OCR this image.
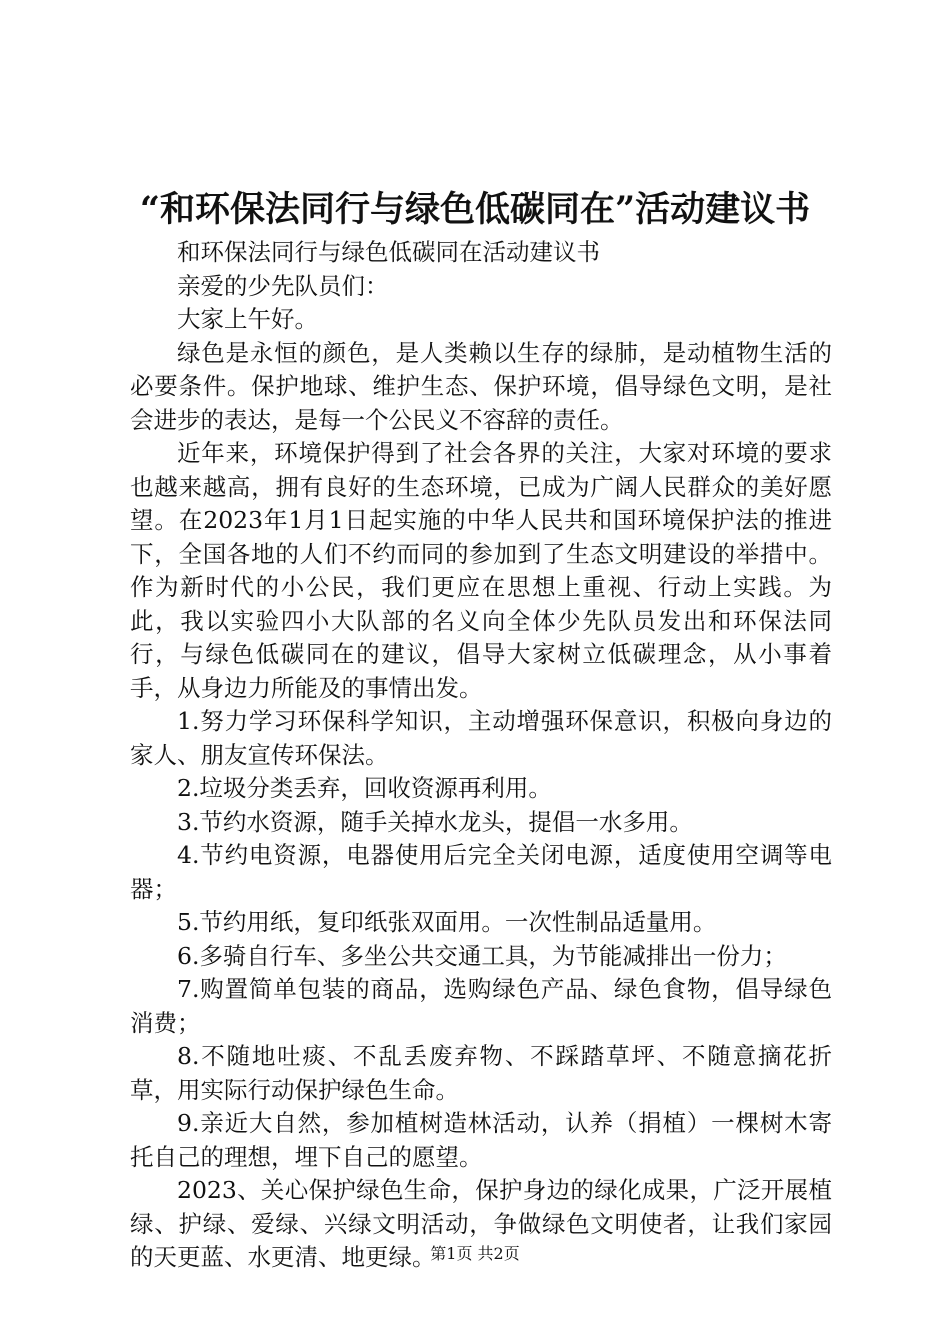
“和环保法同行与绿色低碳同在”活动建议书

和环保法同行与绿色低碳同在活动建议书

亲爱的少先队员们：

大家上午好。

绿色是永恒的颜色，是人类赖以生存的绿肺，是动植物生活的必要条件。保护地球、维护生态、保护环境，倡导绿色文明，是社会进步的表达，是每一个公民义不容辞的责任。

近年来，环境保护得到了社会各界的关注，大家对环境的要求也越来越高，拥有良好的生态环境，已成为广阔人民群众的美好愿望。在2023年1月1日起实施的中华人民共和国环境保护法的推进下，全国各地的人们不约而同的参加到了生态文明建设的举措中。作为新时代的小公民，我们更应在思想上重视、行动上实践。为此，我以实验四小大队部的名义向全体少先队员发出和环保法同行，与绿色低碳同在的建议，倡导大家树立低碳理念，从小事着手，从身边力所能及的事情出发。

1.努力学习环保科学知识，主动增强环保意识，积极向身边的家人、朋友宣传环保法。

2.垃圾分类丢弃，回收资源再利用。

3.节约水资源，随手关掉水龙头，提倡一水多用。

4.节约电资源，电器使用后完全关闭电源，适度使用空调等电器；

5.节约用纸，复印纸张双面用。一次性制品适量用。

6.多骑自行车、多坐公共交通工具，为节能减排出一份力；

7.购置简单包装的商品，选购绿色产品、绿色食物，倡导绿色消费；

8.不随地吐痰、不乱丢废弃物、不踩踏草坪、不随意摘花折草，用实际行动保护绿色生命。

9.亲近大自然，参加植树造林活动，认养（捐植）一棵树木寄托自己的理想，埋下自己的愿望。

2023、关心保护绿色生命，保护身边的绿化成果，广泛开展植绿、护绿、爱绿、兴绿文明活动，争做绿色文明使者，让我们家园的天更蓝、水更清、地更绿。

第1页 共2页
